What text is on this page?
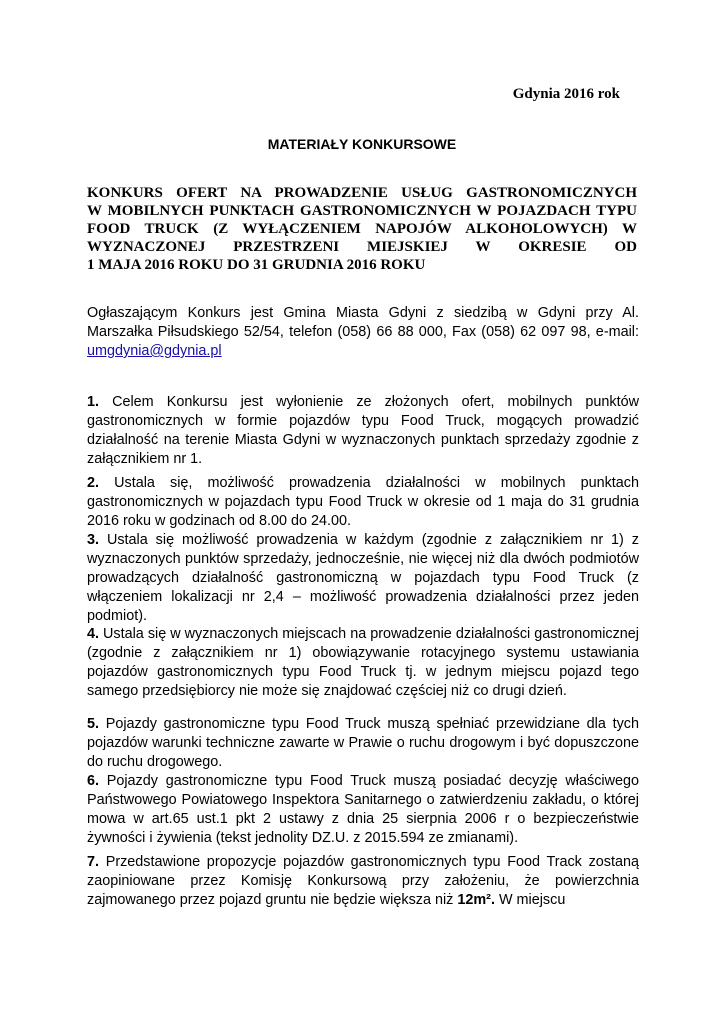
Gdynia 2016 rok
MATERIAŁY KONKURSOWE
KONKURS OFERT NA PROWADZENIE USŁUG GASTRONOMICZNYCH
W MOBILNYCH PUNKTACH GASTRONOMICZNYCH W POJAZDACH TYPU
FOOD TRUCK (Z WYŁĄCZENIEM NAPOJÓW ALKOHOLOWYCH) W
WYZNACZONEJ PRZESTRZENI MIEJSKIEJ W OKRESIE OD
1 MAJA 2016 ROKU DO 31 GRUDNIA 2016 ROKU
Ogłaszającym Konkurs jest Gmina Miasta Gdyni z siedzibą w Gdyni przy Al. Marszałka Piłsudskiego 52/54, telefon (058) 66 88 000, Fax (058) 62 097 98, e-mail: umgdynia@gdynia.pl
1. Celem Konkursu jest wyłonienie ze złożonych ofert, mobilnych punktów gastronomicznych w formie pojazdów typu Food Truck, mogących prowadzić działalność na terenie Miasta Gdyni w wyznaczonych punktach sprzedaży zgodnie z załącznikiem nr 1.
2. Ustala się, możliwość prowadzenia działalności w mobilnych punktach gastronomicznych w pojazdach typu Food Truck w okresie od 1 maja do 31 grudnia 2016 roku w godzinach od 8.00 do 24.00.
3. Ustala się możliwość prowadzenia w każdym (zgodnie z załącznikiem nr 1) z wyznaczonych punktów sprzedaży, jednocześnie, nie więcej niż dla dwóch podmiotów prowadzących działalność gastronomiczną w pojazdach typu Food Truck (z włączeniem lokalizacji nr 2,4 – możliwość prowadzenia działalności przez jeden podmiot).
4. Ustala się w wyznaczonych miejscach na prowadzenie działalności gastronomicznej (zgodnie z załącznikiem nr 1) obowiązywanie rotacyjnego systemu ustawiania pojazdów gastronomicznych typu Food Truck tj. w jednym miejscu pojazd tego samego przedsiębiorcy nie może się znajdować częściej niż co drugi dzień.
5. Pojazdy gastronomiczne typu Food Truck muszą spełniać przewidziane dla tych pojazdów warunki techniczne zawarte w Prawie o ruchu drogowym i być dopuszczone do ruchu drogowego.
6. Pojazdy gastronomiczne typu Food Truck muszą posiadać decyzję właściwego Państwowego Powiatowego Inspektora Sanitarnego o zatwierdzeniu zakładu, o której mowa w art.65 ust.1 pkt 2 ustawy z dnia 25 sierpnia 2006 r o bezpieczeństwie żywności i żywienia (tekst jednolity DZ.U. z 2015.594 ze zmianami).
7. Przedstawione propozycje pojazdów gastronomicznych typu Food Track zostaną zaopiniowane przez Komisję Konkursową przy założeniu, że powierzchnia zajmowanego przez pojazd gruntu nie będzie większa niż 12m². W miejscu
